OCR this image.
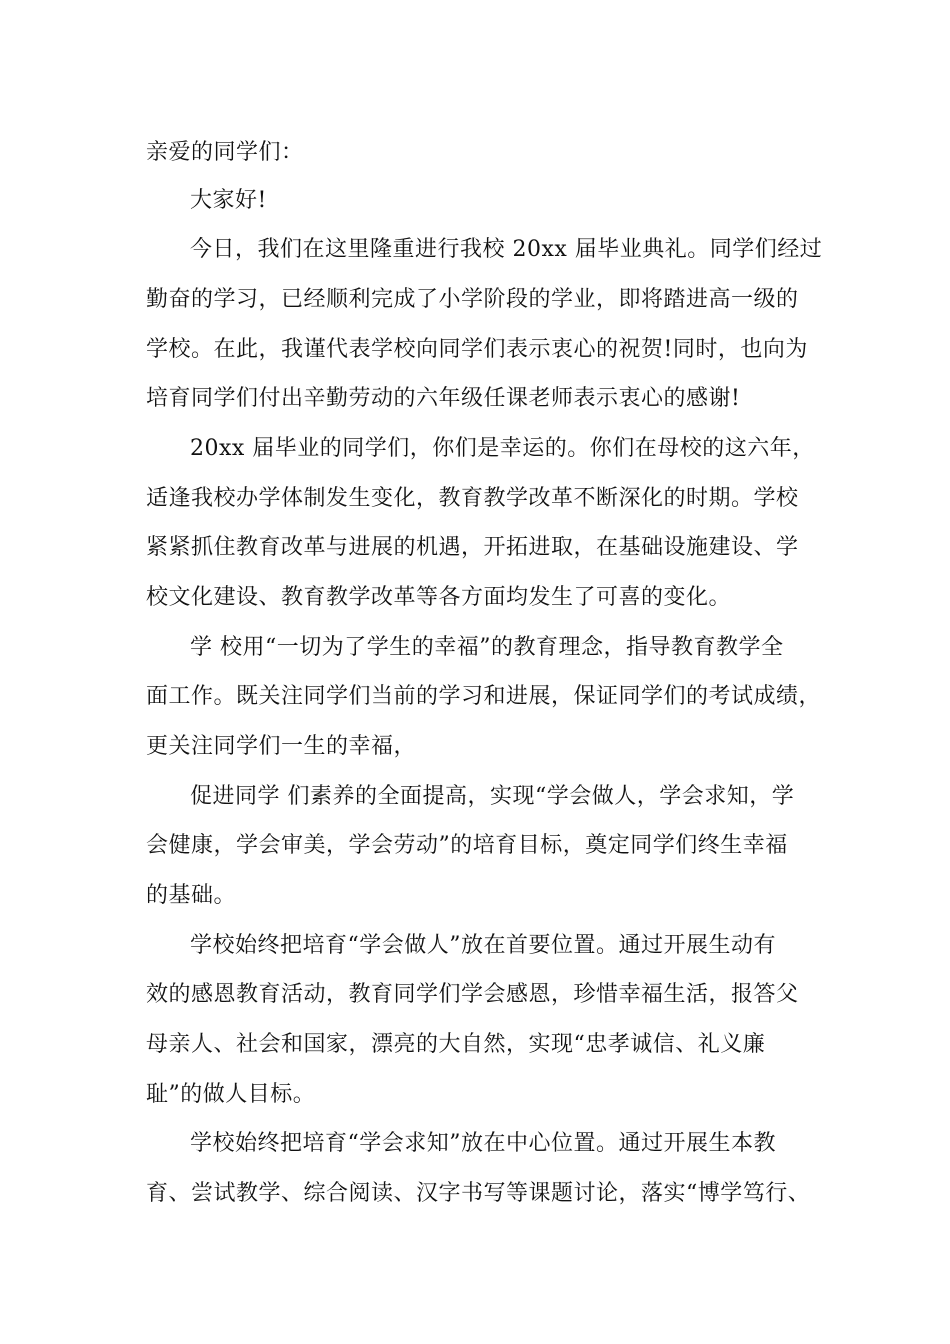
亲爱的同学们：
大家好!
今日，我们在这里隆重进行我校 20xx 届毕业典礼。同学们经过
勤奋的学习，已经顺利完成了小学阶段的学业，即将踏进高一级的
学校。在此，我谨代表学校向同学们表示衷心的祝贺!同时，也向为
培育同学们付出辛勤劳动的六年级任课老师表示衷心的感谢!
20xx 届毕业的同学们，你们是幸运的。你们在母校的这六年，
适逢我校办学体制发生变化，教育教学改革不断深化的时期。学校
紧紧抓住教育改革与进展的机遇，开拓进取，在基础设施建设、学
校文化建设、教育教学改革等各方面均发生了可喜的变化。
学 校用“一切为了学生的幸福”的教育理念，指导教育教学全
面工作。既关注同学们当前的学习和进展，保证同学们的考试成绩，
更关注同学们一生的幸福，
促进同学 们素养的全面提高，实现“学会做人，学会求知，学
会健康，学会审美，学会劳动”的培育目标，奠定同学们终生幸福
的基础。
学校始终把培育“学会做人”放在首要位置。通过开展生动有
效的感恩教育活动，教育同学们学会感恩，珍惜幸福生活，报答父
母亲人、社会和国家，漂亮的大自然，实现“忠孝诚信、礼义廉
耻”的做人目标。
学校始终把培育“学会求知”放在中心位置。通过开展生本教
育、尝试教学、综合阅读、汉字书写等课题讨论，落实“博学笃行、
